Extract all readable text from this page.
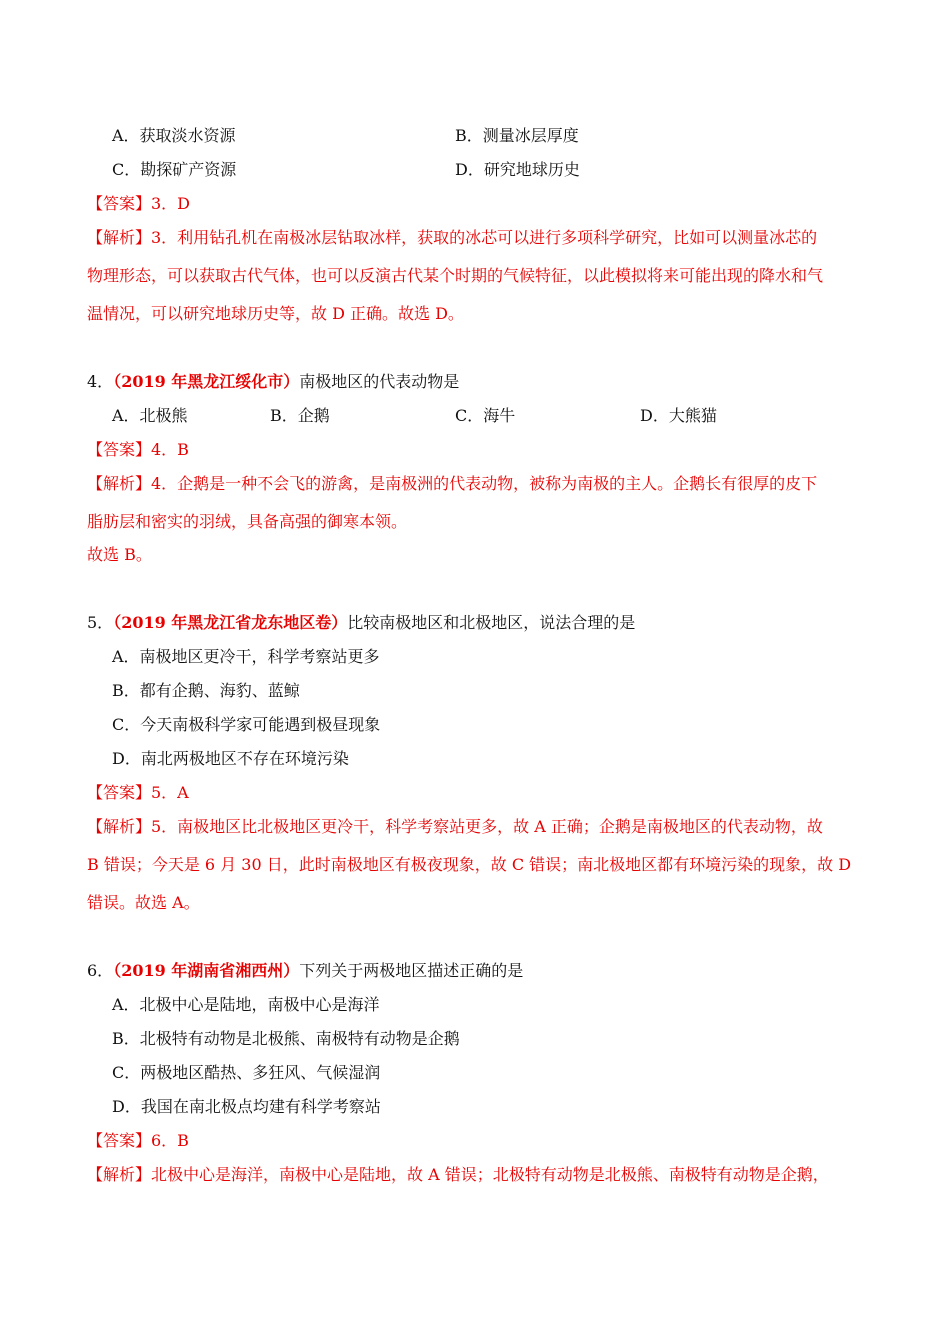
A．获取淡水资源	B．测量冰层厚度
C．勘探矿产资源	D．研究地球历史
【答案】3．D
【解析】3．利用钻孔机在南极冰层钻取冰样，获取的冰芯可以进行多项科学研究，比如可以测量冰芯的
物理形态，可以获取古代气体，也可以反演古代某个时期的气候特征，以此模拟将来可能出现的降水和气
温情况，可以研究地球历史等，故 D 正确。故选 D。
4．（2019 年黑龙江绥化市）南极地区的代表动物是
A．北极熊	B．企鹅	C．海牛	D．大熊猫
【答案】4．B
【解析】4．企鹅是一种不会飞的游禽，是南极洲的代表动物，被称为南极的主人。企鹅长有很厚的皮下
脂肪层和密实的羽绒，具备高强的御寒本领。
故选 B。
5．（2019 年黑龙江省龙东地区卷）比较南极地区和北极地区，说法合理的是
A．南极地区更冷干，科学考察站更多
B．都有企鹅、海豹、蓝鲸
C．今天南极科学家可能遇到极昼现象
D．南北两极地区不存在环境污染
【答案】5．A
【解析】5．南极地区比北极地区更冷干，科学考察站更多，故 A 正确；企鹅是南极地区的代表动物，故
B 错误；今天是 6 月 30 日，此时南极地区有极夜现象，故 C 错误；南北极地区都有环境污染的现象，故 D
错误。故选 A。
6．（2019 年湖南省湘西州）下列关于两极地区描述正确的是
A．北极中心是陆地，南极中心是海洋
B．北极特有动物是北极熊、南极特有动物是企鹅
C．两极地区酷热、多狂风、气候湿润
D．我国在南北极点均建有科学考察站
【答案】6．B
【解析】北极中心是海洋，南极中心是陆地，故 A 错误；北极特有动物是北极熊、南极特有动物是企鹅，
